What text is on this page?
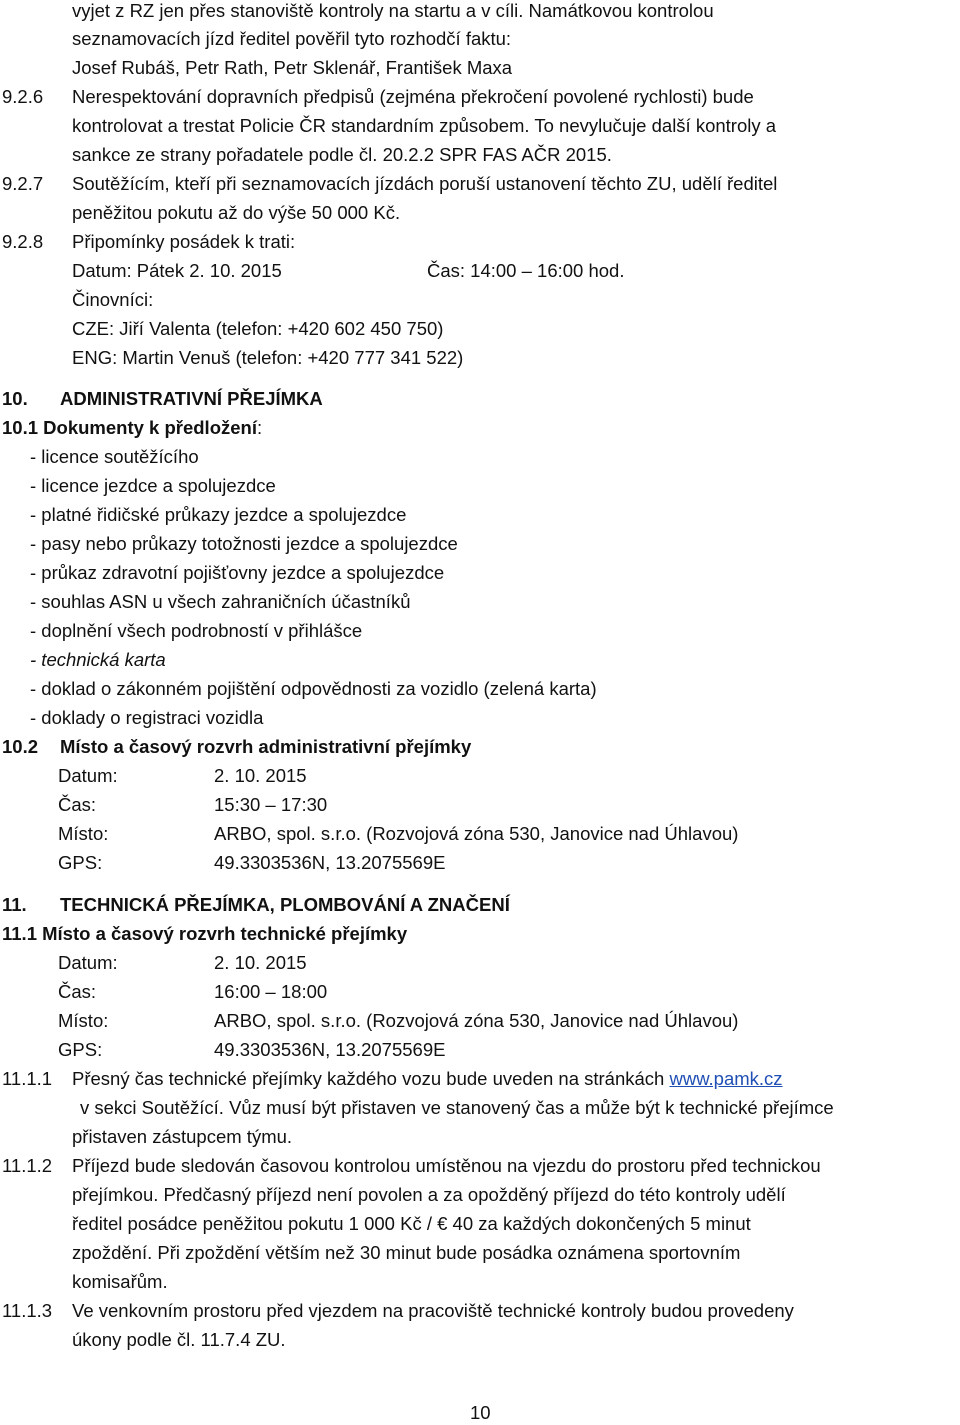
vyjet z RZ jen přes stanoviště kontroly na startu a v cíli. Namátkovou kontrolou
seznamovacích jízd ředitel pověřil tyto rozhodčí faktu:
Josef Rubáš, Petr Rath, Petr Sklenář, František Maxa
9.2.6 Nerespektování dopravních předpisů (zejména překročení povolené rychlosti) bude
kontrolovat a trestat Policie ČR standardním způsobem. To nevylučuje další kontroly a
sankce ze strany pořadatele podle čl. 20.2.2 SPR FAS AČR 2015.
9.2.7 Soutěžícím, kteří při seznamovacích jízdách poruší ustanovení těchto ZU, udělí ředitel
peněžitou pokutu až do výše 50 000 Kč.
9.2.8 Připomínky posádek k trati:
Datum: Pátek 2. 10. 2015	Čas: 14:00 – 16:00 hod.
Činovníci:
CZE: Jiří Valenta (telefon: +420 602 450 750)
ENG: Martin Venuš (telefon: +420 777 341 522)
10. ADMINISTRATIVNÍ PŘEJÍMKA
10.1 Dokumenty k předložení:
- licence soutěžícího
- licence jezdce a spolujezdce
- platné řidičské průkazy jezdce a spolujezdce
- pasy nebo průkazy totožnosti jezdce a spolujezdce
- průkaz zdravotní pojišťovny jezdce a spolujezdce
- souhlas ASN u všech zahraničních účastníků
- doplnění všech podrobností v přihlášce
- technická karta
- doklad o zákonném pojištění odpovědnosti za vozidlo (zelená karta)
- doklady o registraci vozidla
10.2 Místo a časový rozvrh administrativní přejímky
Datum:	2. 10. 2015
Čas:	15:30 – 17:30
Místo:	ARBO, spol. s.r.o. (Rozvojová zóna 530, Janovice nad Úhlavou)
GPS:	49.3303536N, 13.2075569E
11. TECHNICKÁ PŘEJÍMKA, PLOMBOVÁNÍ A ZNAČENÍ
11.1 Místo a časový rozvrh technické přejímky
Datum:	2. 10. 2015
Čas:	16:00 – 18:00
Místo:	ARBO, spol. s.r.o. (Rozvojová zóna 530, Janovice nad Úhlavou)
GPS:	49.3303536N, 13.2075569E
11.1.1 Přesný čas technické přejímky každého vozu bude uveden na stránkách www.pamk.cz
v sekci Soutěžící. Vůz musí být přistaven ve stanovený čas a může být k technické přejímce
přistaven zástupcem týmu.
11.1.2 Příjezd bude sledován časovou kontrolou umístěnou na vjezdu do prostoru před technickou
přejímkou. Předčasný příjezd není povolen a za opožděný příjezd do této kontroly udělí
ředitel posádce peněžitou pokutu 1 000 Kč / € 40 za každých dokončených 5 minut
zpoždění. Při zpoždění větším než 30 minut bude posádka oznámena sportovním
komisařům.
11.1.3 Ve venkovním prostoru před vjezdem na pracoviště technické kontroly budou provedeny
úkony podle čl. 11.7.4 ZU.
10
